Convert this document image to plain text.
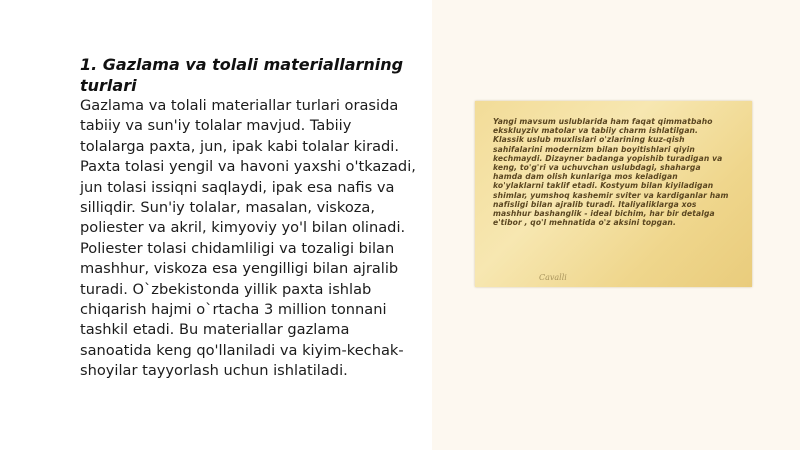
1. Gazlama va tolali materiallarning turlari

Gazlama va tolali materiallar turlari orasida tabiiy va sun'iy tolalar mavjud. Tabiiy tolalarga paxta, jun, ipak kabi tolalar kiradi. Paxta tolasi yengil va havoni yaxshi o'tkazadi, jun tolasi issiqni saqlaydi, ipak esa nafis va silliqdir. Sun'iy tolalar, masalan, viskoza, poliester va akril, kimyoviy yo'l bilan olinadi. Poliester tolasi chidamliligi va tozaligi bilan mashhur, viskoza esa yengilligi bilan ajralib turadi. O`zbekistonda yillik paxta ishlab chiqarish hajmi o`rtacha 3 million tonnani tashkil etadi. Bu materiallar gazlama sanoatida keng qo'llaniladi va kiyim-kechak-shoyilar tayyorlash uchun ishlatiladi.

Yangi mavsum uslublarida ham faqat qimmatbaho ekskluyziv matolar va tabiiy charm ishlatilgan. Klassik uslub muxlislari o'zlarining kuz-qish sahifalarini modernizm bilan boyitishlari qiyin kechmaydi. Dizayner badanga yopishib turadigan va keng, to'g'ri va uchuvchan uslubdagi, shaharga hamda dam olish kunlariga mos keladigan ko'ylaklarni taklif etadi. Kostyum bilan kiyiladigan shimlar, yumshoq kashemir sviter va kardiganlar ham nafisligi bilan ajralib turadi. Italiyaliklarga xos mashhur bashanglik - ideal bichim, har bir detalga e'tibor , qo'l mehnatida o'z aksini topgan.

Cavalli
